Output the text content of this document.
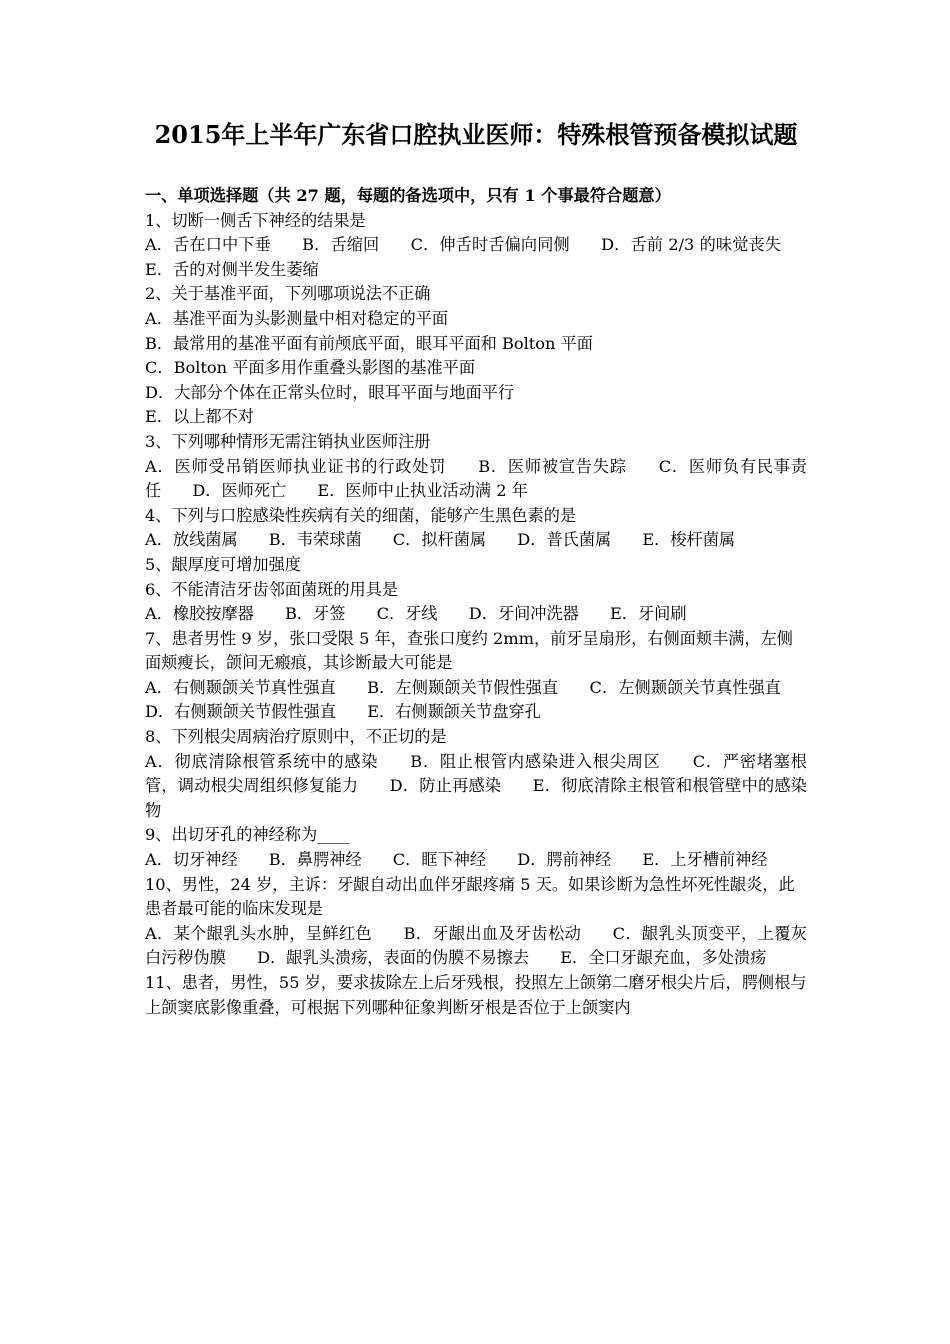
2015年上半年广东省口腔执业医师：特殊根管预备模拟试题
一、单项选择题（共 27 题，每题的备选项中，只有 1 个事最符合题意）

1、切断一侧舌下神经的结果是

A．舌在口中下垂 B．舌缩回 C．伸舌时舌偏向同侧 D．舌前 2/3 的味觉丧失 E．舌的对侧半发生萎缩

2、关于基准平面，下列哪项说法不正确

A．基准平面为头影测量中相对稳定的平面

B．最常用的基准平面有前颅底平面，眼耳平面和 Bolton 平面

C．Bolton 平面多用作重叠头影图的基准平面

D．大部分个体在正常头位时，眼耳平面与地面平行

E．以上都不对

3、下列哪种情形无需注销执业医师注册

A．医师受吊销医师执业证书的行政处罚 B．医师被宣告失踪 C．医师负有民事责任 D．医师死亡 E．医师中止执业活动满 2 年

4、下列与口腔感染性疾病有关的细菌，能够产生黑色素的是

A．放线菌属 B．韦荣球菌 C．拟杆菌属 D．普氏菌属 E．梭杆菌属

5、龈厚度可增加强度

6、不能清洁牙齿邻面菌斑的用具是

A．橡胶按摩器 B．牙签 C．牙线 D．牙间冲洗器 E．牙间刷

7、患者男性 9 岁，张口受限 5 年，查张口度约 2mm，前牙呈扇形，右侧面颊丰满，左侧面颊瘦长，颌间无瘢痕，其诊断最大可能是

A．右侧颞颌关节真性强直 B．左侧颞颌关节假性强直 C．左侧颞颌关节真性强直 D．右侧颞颌关节假性强直 E．右侧颞颌关节盘穿孔

8、下列根尖周病治疗原则中，不正切的是

A．彻底清除根管系统中的感染 B．阻止根管内感染进入根尖周区 C．严密堵塞根管，调动根尖周组织修复能力 D．防止再感染 E．彻底清除主根管和根管壁中的感染物

9、出切牙孔的神经称为____

A．切牙神经 B．鼻腭神经 C．眶下神经 D．腭前神经 E．上牙槽前神经

10、男性，24 岁，主诉：牙龈自动出血伴牙龈疼痛 5 天。如果诊断为急性坏死性龈炎，此患者最可能的临床发现是

A．某个龈乳头水肿，呈鲜红色 B．牙龈出血及牙齿松动 C．龈乳头顶变平，上覆灰白污秽伪膜 D．龈乳头溃疡，表面的伪膜不易擦去 E．全口牙龈充血，多处溃疡

11、患者，男性，55 岁，要求拔除左上后牙残根，投照左上颌第二磨牙根尖片后，腭侧根与上颌窦底影像重叠，可根据下列哪种征象判断牙根是否位于上颌窦内
